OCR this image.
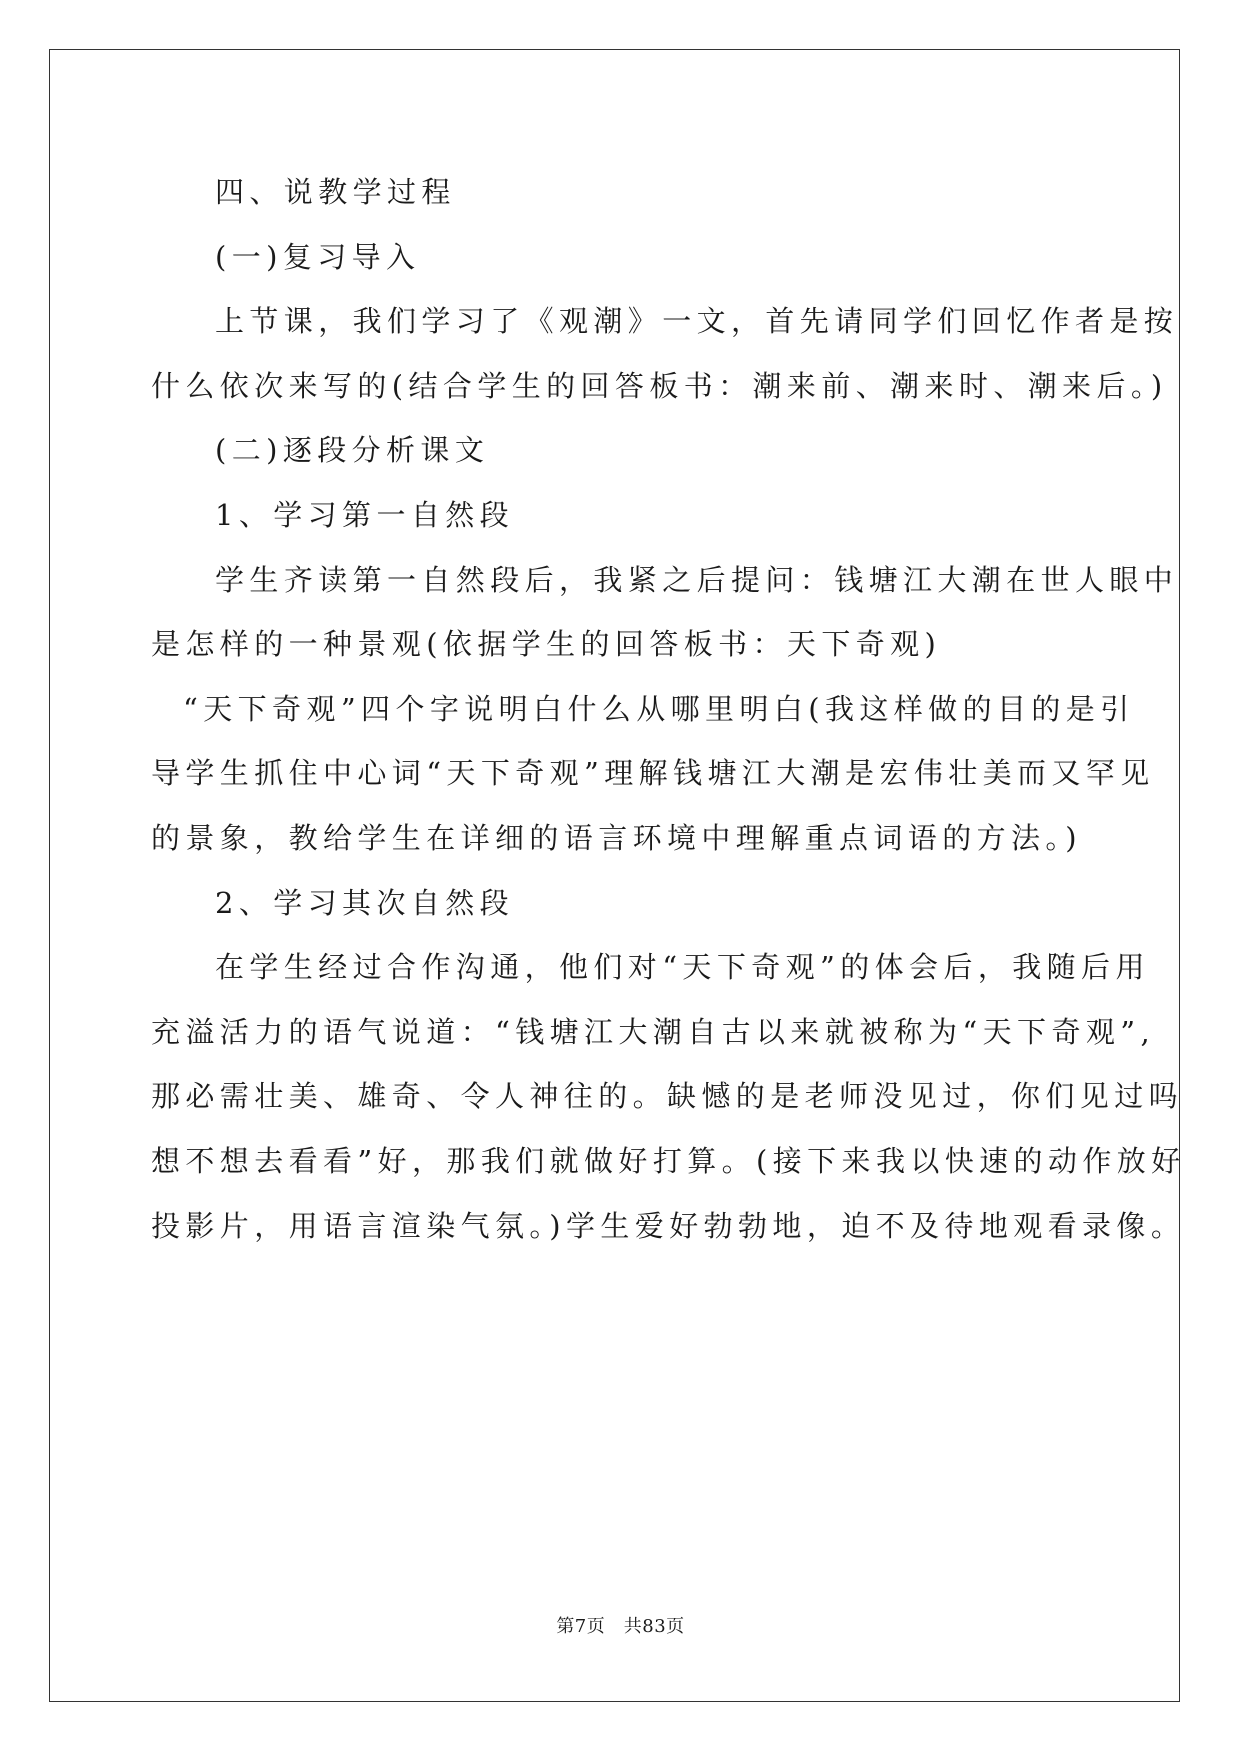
四、说教学过程
(一)复习导入
上节课，我们学习了《观潮》一文，首先请同学们回忆作者是按
什么依次来写的(结合学生的回答板书：潮来前、潮来时、潮来后。)
(二)逐段分析课文
1、学习第一自然段
学生齐读第一自然段后，我紧之后提问：钱塘江大潮在世人眼中
是怎样的一种景观(依据学生的回答板书：天下奇观)
“天下奇观”四个字说明白什么从哪里明白(我这样做的目的是引
导学生抓住中心词“天下奇观”理解钱塘江大潮是宏伟壮美而又罕见
的景象，教给学生在详细的语言环境中理解重点词语的方法。)
2、学习其次自然段
在学生经过合作沟通，他们对“天下奇观”的体会后，我随后用
充溢活力的语气说道：“钱塘江大潮自古以来就被称为“天下奇观”,
那必需壮美、雄奇、令人神往的。缺憾的是老师没见过，你们见过吗
想不想去看看”好，那我们就做好打算。(接下来我以快速的动作放好
投影片，用语言渲染气氛。)学生爱好勃勃地，迫不及待地观看录像。
第7页　共83页
